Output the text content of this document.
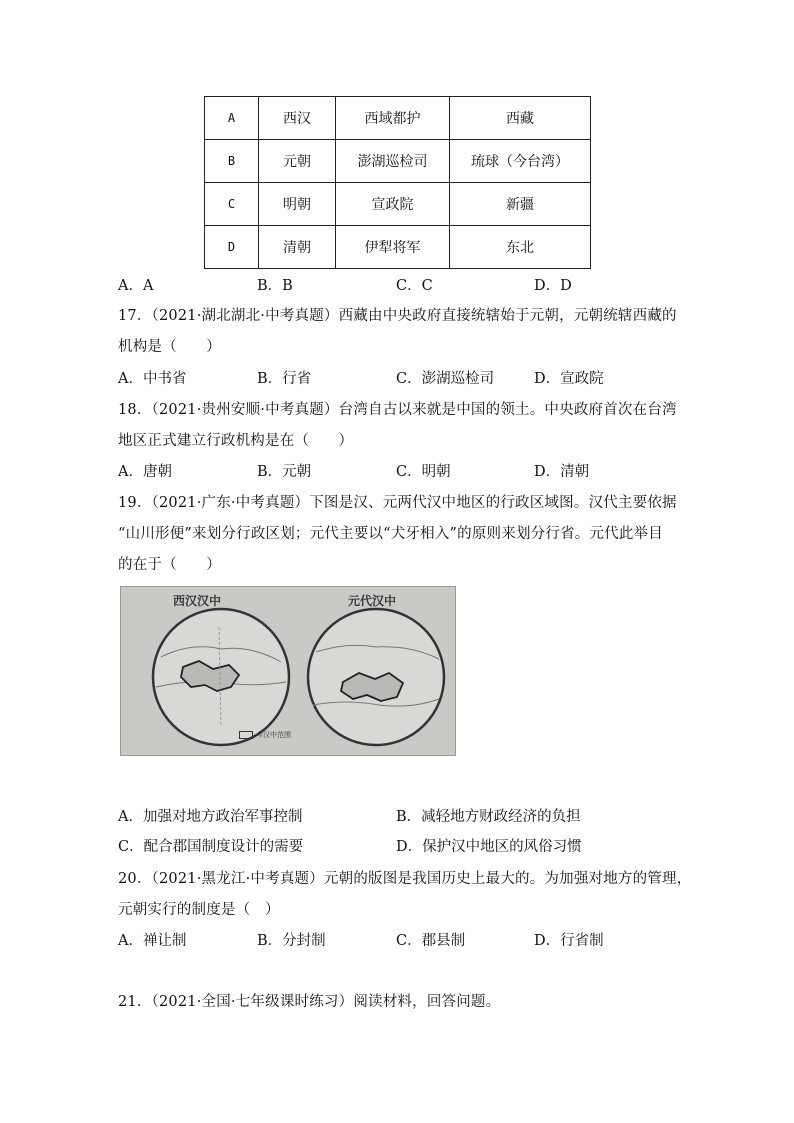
A	西汉	西域都护	西藏
B	元朝	澎湖巡检司	琉球（今台湾）
C	明朝	宣政院	新疆
D	清朝	伊犁将军	东北
A．A	B．B	C．C	D．D
17．（2021·湖北湖北·中考真题）西藏由中央政府直接统辖始于元朝，元朝统辖西藏的
机构是（　　）
A．中书省	B．行省	C．澎湖巡检司	D．宣政院
18．（2021·贵州安顺·中考真题）台湾自古以来就是中国的领土。中央政府首次在台湾
地区正式建立行政机构是在（　　）
A．唐朝	B．元朝	C．明朝	D．清朝
19．（2021·广东·中考真题）下图是汉、元两代汉中地区的行政区域图。汉代主要依据
“山川形便”来划分行政区划；元代主要以“犬牙相入”的原则来划分行省。元代此举目
的在于（　　）
西汉汉中	元代汉中
今汉中范围
A．加强对地方政治军事控制	B．减轻地方财政经济的负担
C．配合郡国制度设计的需要	D．保护汉中地区的风俗习惯
20．（2021·黑龙江·中考真题）元朝的版图是我国历史上最大的。为加强对地方的管理，
元朝实行的制度是（　）
A．禅让制	B．分封制	C．郡县制	D．行省制
21．（2021·全国·七年级课时练习）阅读材料，回答问题。
